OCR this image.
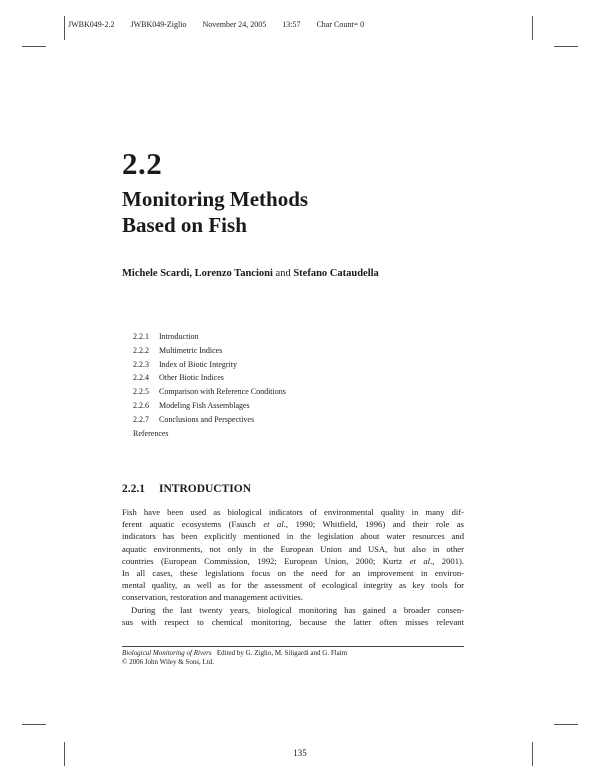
JWBK049-2.2 JWBK049-Ziglio November 24, 2005 13:57 Char Count= 0
2.2
Monitoring Methods
Based on Fish
Michele Scardi, Lorenzo Tancioni and Stefano Cataudella
2.2.1 Introduction
2.2.2 Multimetric Indices
2.2.3 Index of Biotic Integrity
2.2.4 Other Biotic Indices
2.2.5 Comparison with Reference Conditions
2.2.6 Modeling Fish Assemblages
2.2.7 Conclusions and Perspectives
References
2.2.1 INTRODUCTION

Fish have been used as biological indicators of environmental quality in many dif-
ferent aquatic ecosystems (Fausch et al., 1990; Whitfield, 1996) and their role as
indicators has been explicitly mentioned in the legislation about water resources and
aquatic environments, not only in the European Union and USA, but also in other
countries (European Commission, 1992; European Union, 2000; Kurtz et al., 2001).
In all cases, these legislations focus on the need for an improvement in environ-
mental quality, as well as for the assessment of ecological integrity as key tools for
conservation, restoration and management activities.

During the last twenty years, biological monitoring has gained a broader consen-
sus with respect to chemical monitoring, because the latter often misses relevant

Biological Monitoring of Rivers Edited by G. Ziglio, M. Siligardi and G. Flaim
© 2006 John Wiley & Sons, Ltd.
135
